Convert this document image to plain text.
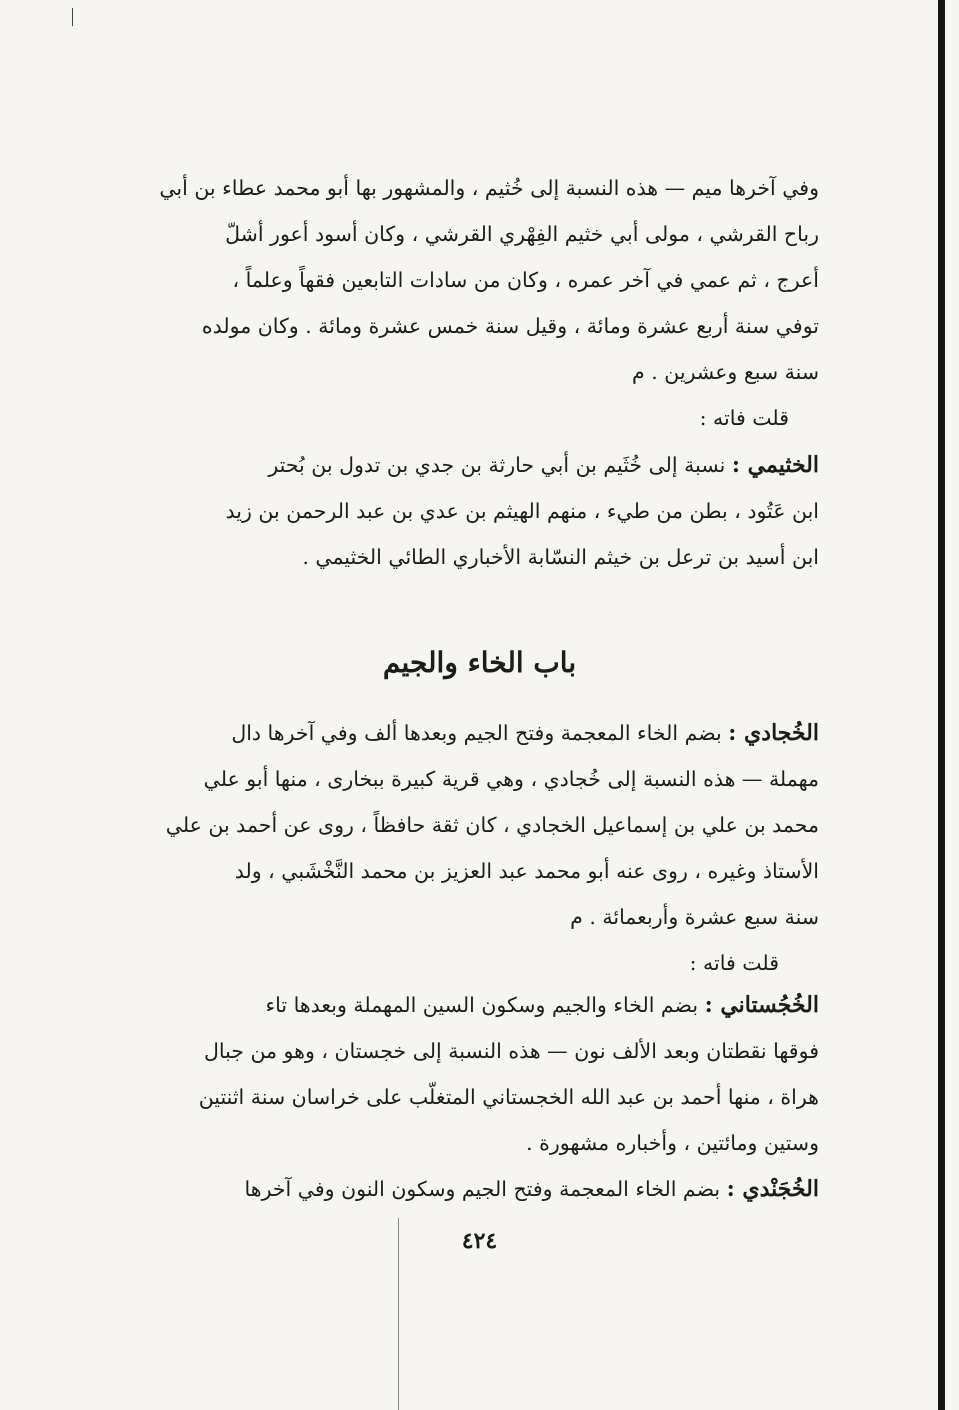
وفي آخرها ميم — هذه النسبة إلى خُثيم ، والمشهور بها أبو محمد عطاء بن أبي
رباح القرشي ، مولى أبي خثيم الفِهْري القرشي ، وكان أسود أعور أشلّ
أعرج ، ثم عمي في آخر عمره ، وكان من سادات التابعين فقهاً وعلماً ،
توفي سنة أربع عشرة ومائة ، وقيل سنة خمس عشرة ومائة . وكان مولده
سنة سبع وعشرين . م
قلت فاته :
الخثيمي : نسبة إلى خُثَيم بن أبي حارثة بن جدي بن تدول بن بُحتر
ابن عَتُود ، بطن من طيء ، منهم الهيثم بن عدي بن عبد الرحمن بن زيد
ابن أسيد بن ترعل بن خيثم النسّابة الأخباري الطائي الخثيمي .
باب الخاء والجيم
الخُجادي : بضم الخاء المعجمة وفتح الجيم وبعدها ألف وفي آخرها دال
مهملة — هذه النسبة إلى خُجادي ، وهي قرية كبيرة ببخارى ، منها أبو علي
محمد بن علي بن إسماعيل الخجادي ، كان ثقة حافظاً ، روى عن أحمد بن علي
الأستاذ وغيره ، روى عنه أبو محمد عبد العزيز بن محمد النَّخْشَبي ، ولد
سنة سبع عشرة وأربعمائة . م
قلت فاته :
الخُجُستاني : بضم الخاء والجيم وسكون السين المهملة وبعدها تاء
فوقها نقطتان وبعد الألف نون — هذه النسبة إلى خجستان ، وهو من جبال
هراة ، منها أحمد بن عبد الله الخجستاني المتغلّب على خراسان سنة اثنتين
وستين ومائتين ، وأخباره مشهورة .
الخُجَنْدي : بضم الخاء المعجمة وفتح الجيم وسكون النون وفي آخرها
٤٢٤
